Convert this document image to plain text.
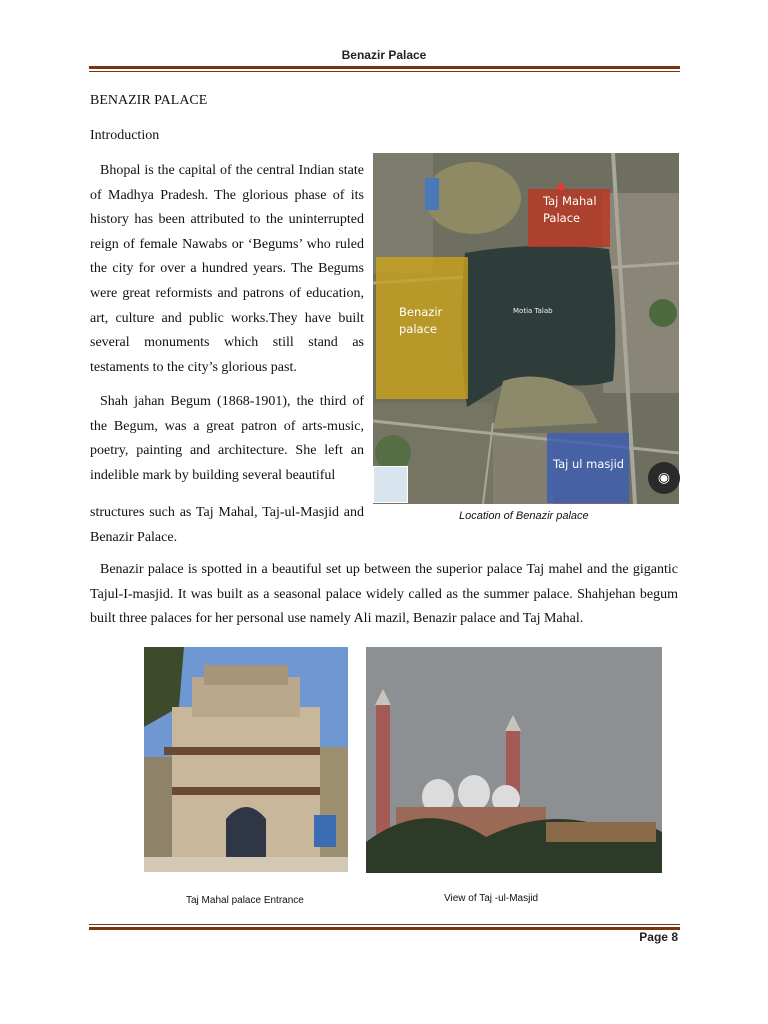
Benazir Palace
BENAZIR PALACE
Introduction

Bhopal is the capital of the central Indian state of Madhya Pradesh. The glorious phase of its history has been attributed to the uninterrupted reign of female Nawabs or ‘Begums’ who ruled the city for over a hundred years. The Begums were great reformists and patrons of education, art, culture and public works.They have built several monuments which still stand as testaments to the city’s glorious past.

Shah jahan Begum (1868-1901), the third of the Begum, was a great patron of arts-music, poetry, painting and architecture. She left an indelible mark by building several beautiful

structures such as Taj Mahal, Taj-ul-Masjid and Benazir Palace.

Benazir palace is spotted in a beautiful set up between the superior palace Taj mahel and the gigantic Tajul-I-masjid. It was built as a seasonal palace widely called as the summer palace. Shahjehan begum built three palaces for her personal use namely Ali mazil, Benazir palace and Taj Mahal.

Taj Mahal Palace
Benazir palace
Taj ul masjid
Motia Talab
◉
Location of Benazir palace
Taj Mahal palace Entrance	View of Taj -ul-Masjid
Page 8
